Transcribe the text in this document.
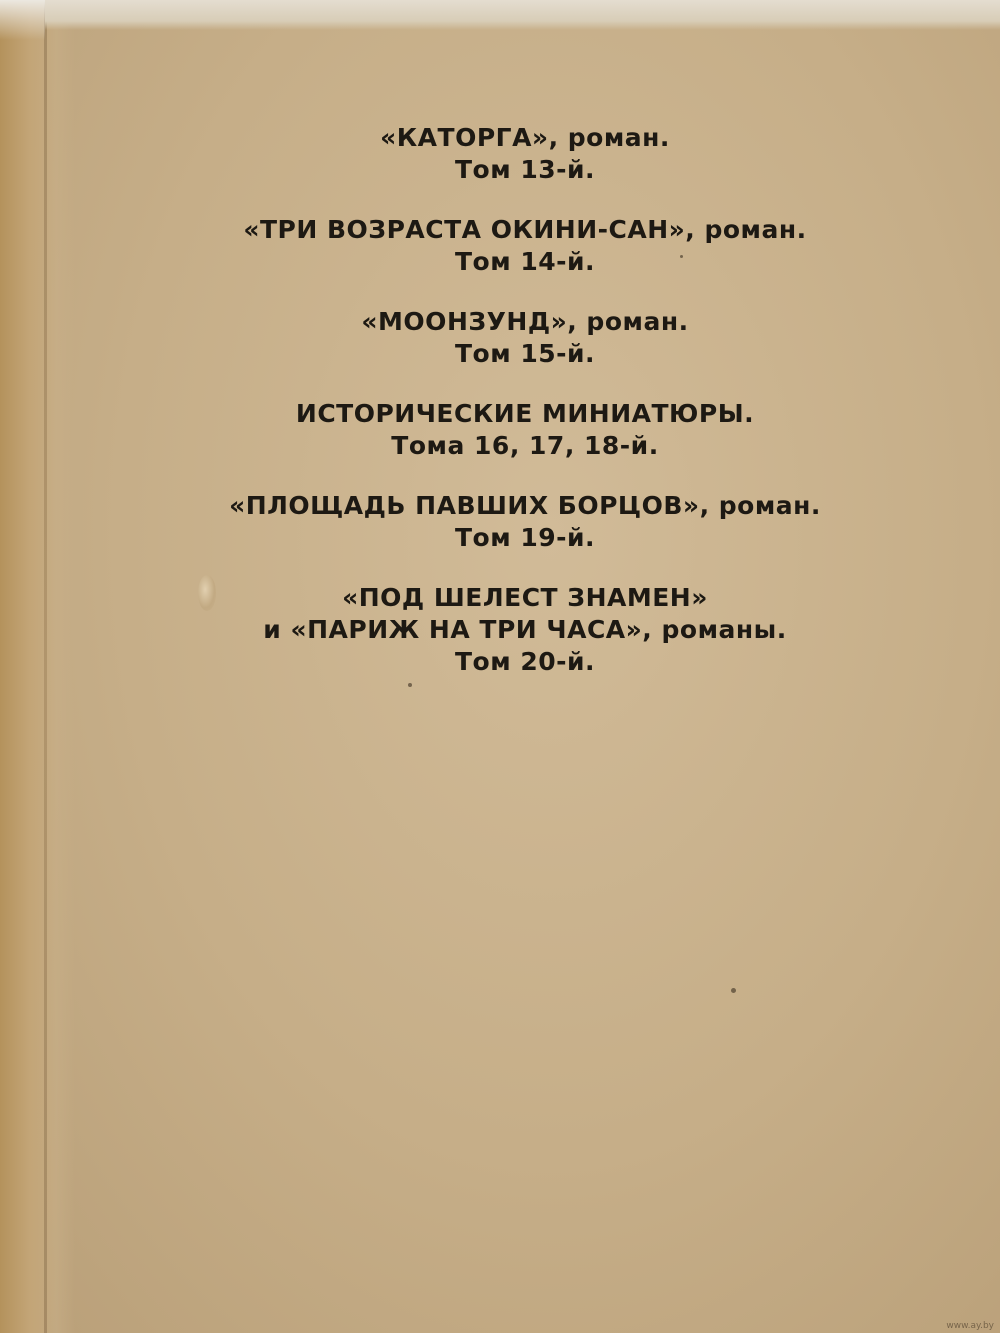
«КАТОРГА», роман.
Том 13-й.
«ТРИ ВОЗРАСТА ОКИНИ-САН», роман.
Том 14-й.
«МООНЗУНД», роман.
Том 15-й.
ИСТОРИЧЕСКИЕ МИНИАТЮРЫ.
Тома 16, 17, 18-й.
«ПЛОЩАДЬ ПАВШИХ БОРЦОВ», роман.
Том 19-й.
«ПОД ШЕЛЕСТ ЗНАМЕН»
и «ПАРИЖ НА ТРИ ЧАСА», романы.
Том 20-й.
www.ay.by
